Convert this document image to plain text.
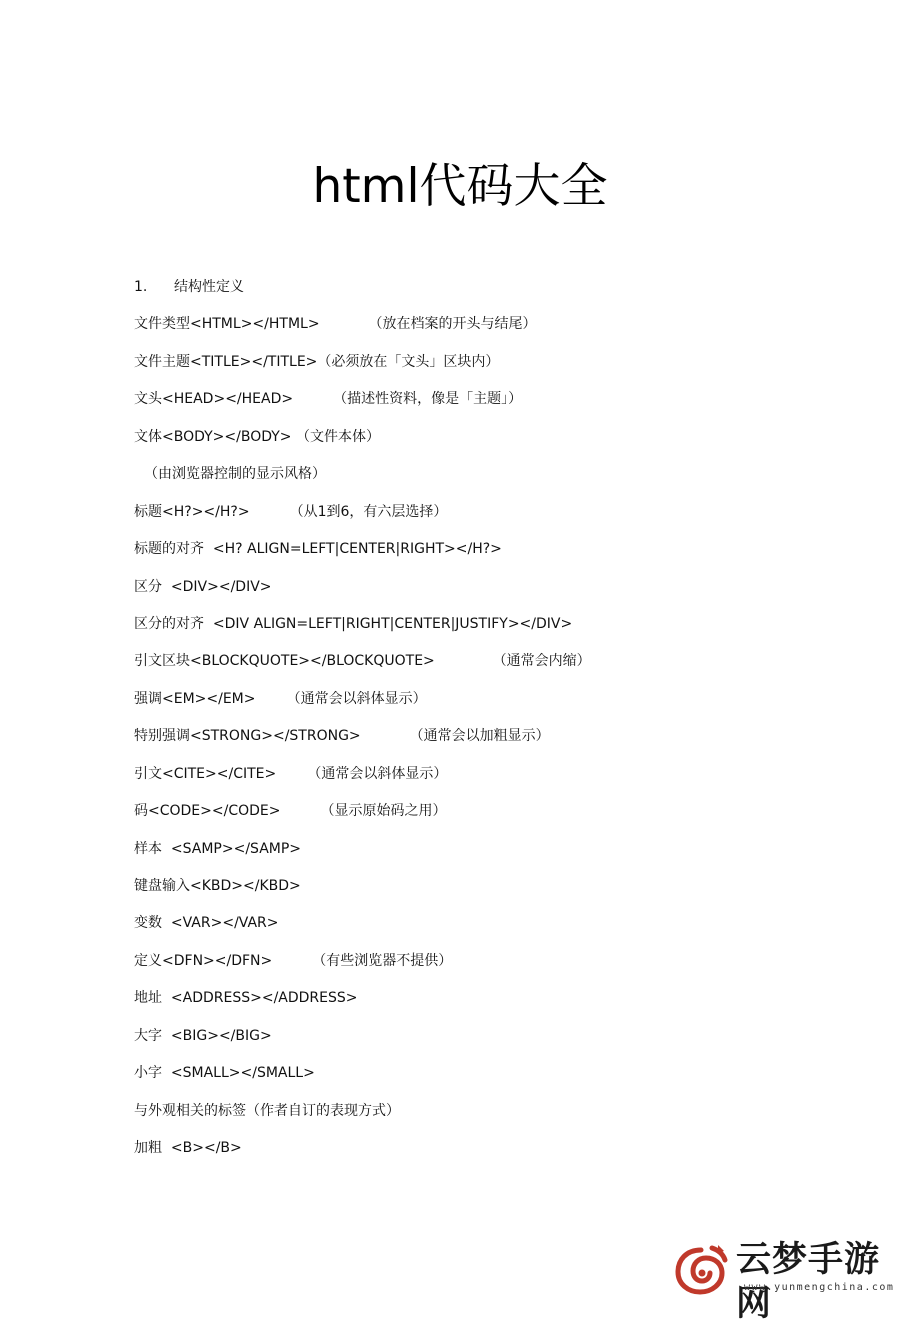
html代码大全
1.      结构性定义
文件类型<HTML></HTML>           （放在档案的开头与结尾）
文件主题<TITLE></TITLE>（必须放在「文头」区块内）
文头<HEAD></HEAD>         （描述性资料，像是「主题」）
文体<BODY></BODY> （文件本体）
（由浏览器控制的显示风格）
标题<H?></H?>         （从1到6，有六层选择）
标题的对齐  <H? ALIGN=LEFT|CENTER|RIGHT></H?>
区分  <DIV></DIV>
区分的对齐  <DIV ALIGN=LEFT|RIGHT|CENTER|JUSTIFY></DIV>
引文区块<BLOCKQUOTE></BLOCKQUOTE>             （通常会内缩）
强调<EM></EM>       （通常会以斜体显示）
特别强调<STRONG></STRONG>           （通常会以加粗显示）
引文<CITE></CITE>       （通常会以斜体显示）
码<CODE></CODE>         （显示原始码之用）
样本  <SAMP></SAMP>
键盘输入<KBD></KBD>
变数  <VAR></VAR>
定义<DFN></DFN>         （有些浏览器不提供）
地址  <ADDRESS></ADDRESS>
大字  <BIG></BIG>
小字  <SMALL></SMALL>
与外观相关的标签（作者自订的表现方式）
加粗  <B></B>
云梦手游网
www.yunmengchina.com
